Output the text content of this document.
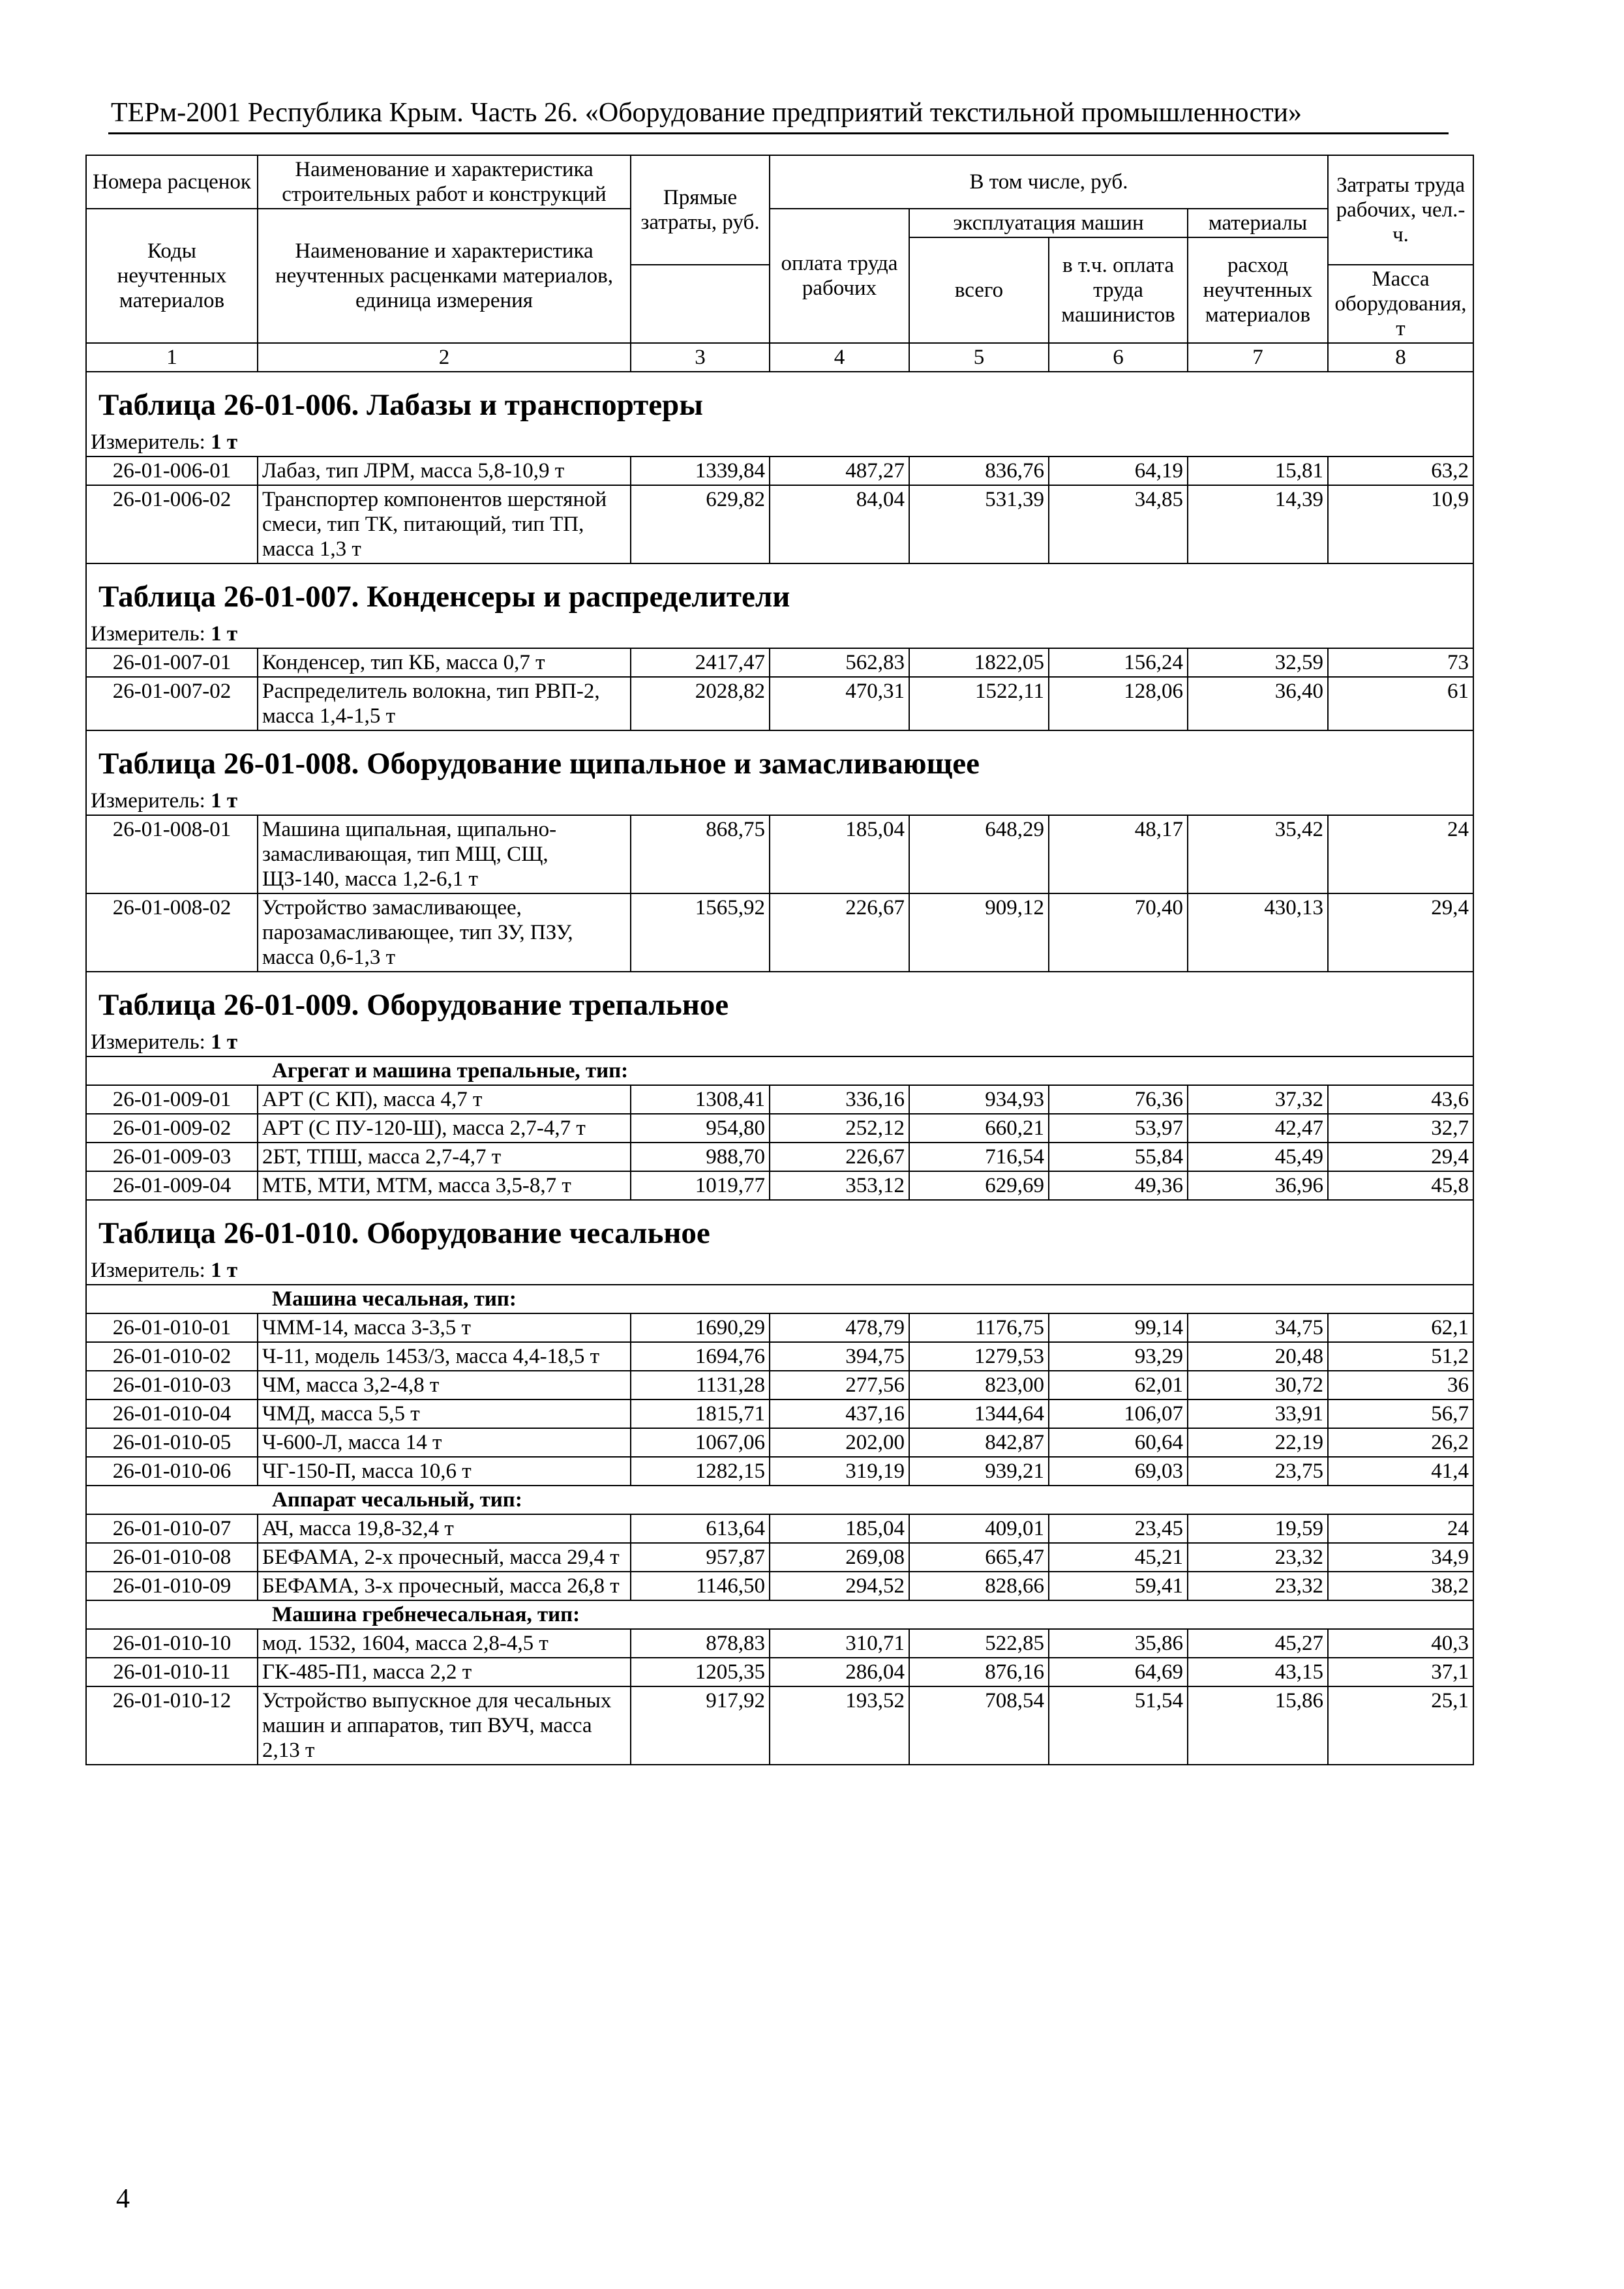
ТЕРм-2001 Республика Крым. Часть 26. «Оборудование предприятий текстильной промышленности»
Номера расценок	Наименование и характеристика строительных работ и конструкций	Прямые затраты, руб.	В том числе, руб.				Затраты труда рабочих, чел.-ч.
Коды неучтенных материалов	Наименование и характеристика неучтенных расценками материалов, единица измерения		оплата труда рабочих	эксплуатация машин		материалы	
				всего	в т.ч. оплата труда машинистов	расход неучтенных материалов	
							Масса оборудования, т
1	2	3	4	5	6	7	8

Таблица 26-01-006. Лабазы и транспортеры							

Измеритель: 1 т							
26-01-006-01	Лабаз, тип ЛРМ, масса 5,8-10,9 т	1339,84	487,27	836,76	64,19	15,81	63,2
26-01-006-02	Транспортер компонентов шерстяной смеси, тип ТК, питающий, тип ТП, масса 1,3 т	629,82	84,04	531,39	34,85	14,39	10,9

Таблица 26-01-007. Конденсеры и распределители							

Измеритель: 1 т							
26-01-007-01	Конденсер, тип КБ, масса 0,7 т	2417,47	562,83	1822,05	156,24	32,59	73
26-01-007-02	Распределитель волокна, тип РВП-2, масса 1,4-1,5 т	2028,82	470,31	1522,11	128,06	36,40	61

Таблица 26-01-008. Оборудование щипальное и замасливающее							

Измеритель: 1 т							
26-01-008-01	Машина щипальная, щипально-замасливающая, тип МЩ, СЩ, ЩЗ-140, масса 1,2-6,1 т	868,75	185,04	648,29	48,17	35,42	24
26-01-008-02	Устройство замасливающее, парозамасливающее, тип ЗУ, ПЗУ, масса 0,6-1,3 т	1565,92	226,67	909,12	70,40	430,13	29,4

Таблица 26-01-009. Оборудование трепальное							

Измеритель: 1 т							
Агрегат и машина трепальные, тип:							
26-01-009-01	АРТ (С КП), масса 4,7 т	1308,41	336,16	934,93	76,36	37,32	43,6
26-01-009-02	АРТ (С ПУ-120-Ш), масса 2,7-4,7 т	954,80	252,12	660,21	53,97	42,47	32,7
26-01-009-03	2БТ, ТПШ, масса 2,7-4,7 т	988,70	226,67	716,54	55,84	45,49	29,4
26-01-009-04	МТБ, МТИ, МТМ, масса 3,5-8,7 т	1019,77	353,12	629,69	49,36	36,96	45,8

Таблица 26-01-010. Оборудование чесальное							

Измеритель: 1 т							
Машина чесальная, тип:							
26-01-010-01	ЧММ-14, масса 3-3,5 т	1690,29	478,79	1176,75	99,14	34,75	62,1
26-01-010-02	Ч-11, модель 1453/3, масса 4,4-18,5 т	1694,76	394,75	1279,53	93,29	20,48	51,2
26-01-010-03	ЧМ, масса 3,2-4,8 т	1131,28	277,56	823,00	62,01	30,72	36
26-01-010-04	ЧМД, масса 5,5 т	1815,71	437,16	1344,64	106,07	33,91	56,7
26-01-010-05	Ч-600-Л, масса 14 т	1067,06	202,00	842,87	60,64	22,19	26,2
26-01-010-06	ЧГ-150-П, масса 10,6 т	1282,15	319,19	939,21	69,03	23,75	41,4
Аппарат чесальный, тип:							
26-01-010-07	АЧ, масса 19,8-32,4 т	613,64	185,04	409,01	23,45	19,59	24
26-01-010-08	БЕФАМА, 2-х прочесный, масса 29,4 т	957,87	269,08	665,47	45,21	23,32	34,9
26-01-010-09	БЕФАМА, 3-х прочесный, масса 26,8 т	1146,50	294,52	828,66	59,41	23,32	38,2
Машина гребнечесальная, тип:							
26-01-010-10	мод. 1532, 1604, масса 2,8-4,5 т	878,83	310,71	522,85	35,86	45,27	40,3
26-01-010-11	ГК-485-П1, масса 2,2 т	1205,35	286,04	876,16	64,69	43,15	37,1
26-01-010-12	Устройство выпускное для чесальных машин и аппаратов, тип ВУЧ, масса 2,13 т	917,92	193,52	708,54	51,54	15,86	25,1
4
